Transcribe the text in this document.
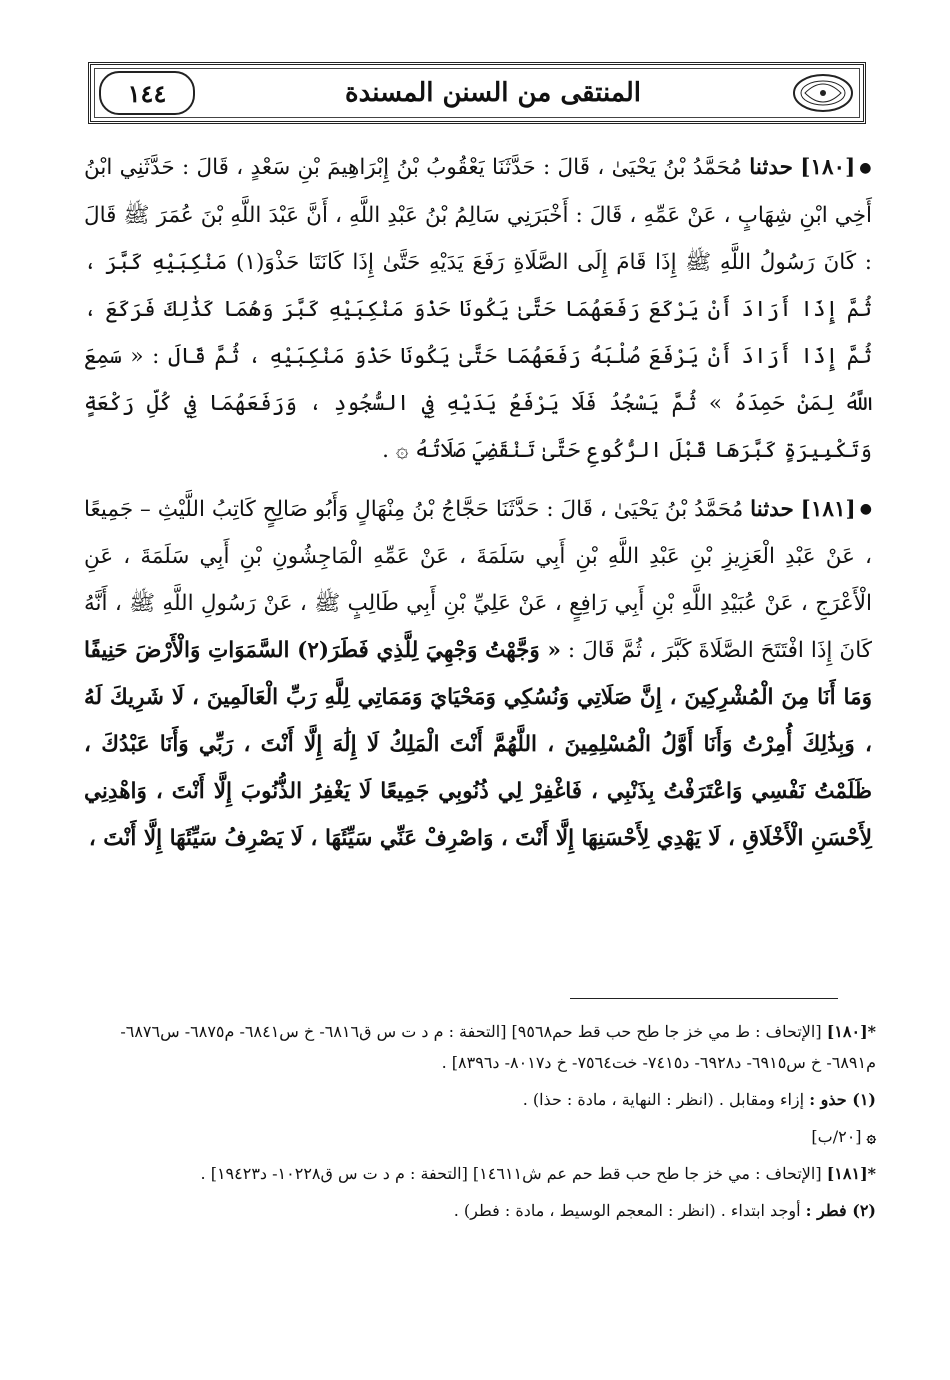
١٤٤	المنتقى من السنن المسندة

●[١٨٠] حدثنا مُحَمَّدُ بْنُ يَحْيَىٰ ، قَالَ : حَدَّثَنَا يَعْقُوبُ بْنُ إِبْرَاهِيمَ بْنِ سَعْدٍ ، قَالَ : حَدَّثَنِي ابْنُ أَخِي ابْنِ شِهَابٍ ، عَنْ عَمِّهِ ، قَالَ : أَخْبَرَنِي سَالِمُ بْنُ عَبْدِ اللَّهِ ، أَنَّ عَبْدَ اللَّهِ بْنَ عُمَرَ ﷺ قَالَ : كَانَ رَسُولُ اللَّهِ ﷺ إِذَا قَامَ إِلَى الصَّلَاةِ رَفَعَ يَدَيْهِ حَتَّىٰ إِذَا كَانَتَا حَذْوَ(١) مَنْكِبَيْهِ كَبَّرَ ، ثُمَّ إِذَا أَرَادَ أَنْ يَرْكَعَ رَفَعَهُمَا حَتَّىٰ يَكُونَا حَذْوَ مَنْكِبَيْهِ كَبَّرَ وَهُمَا كَذَٰلِكَ فَرَكَعَ ، ثُمَّ إِذَا أَرَادَ أَنْ يَرْفَعَ صُلْبَهُ رَفَعَهُمَا حَتَّىٰ يَكُونَا حَذْوَ مَنْكِبَيْهِ ، ثُمَّ قَالَ : « سَمِعَ اللَّهُ لِمَنْ حَمِدَهُ » ثُمَّ يَسْجُدُ فَلَا يَرْفَعُ يَدَيْهِ فِي السُّجُودِ ، وَرَفَعَهُمَا فِي كُلِّ رَكْعَةٍ وَتَكْبِيرَةٍ كَبَّرَهَا قَبْلَ الرُّكُوعِ حَتَّىٰ تَنْقَضِيَ صَلَاتُهُ ۞ .

●[١٨١] حدثنا مُحَمَّدُ بْنُ يَحْيَىٰ ، قَالَ : حَدَّثَنَا حَجَّاجُ بْنُ مِنْهَالٍ وَأَبُو صَالِحٍ كَاتِبُ اللَّيْثِ – جَمِيعًا ، عَنْ عَبْدِ الْعَزِيزِ بْنِ عَبْدِ اللَّهِ بْنِ أَبِي سَلَمَةَ ، عَنْ عَمِّهِ الْمَاجِشُونِ بْنِ أَبِي سَلَمَةَ ، عَنِ الْأَعْرَجِ ، عَنْ عُبَيْدِ اللَّهِ بْنِ أَبِي رَافِعٍ ، عَنْ عَلِيِّ بْنِ أَبِي طَالِبٍ ﷺ ، عَنْ رَسُولِ اللَّهِ ﷺ ، أَنَّهُ كَانَ إِذَا افْتَتَحَ الصَّلَاةَ كَبَّرَ ، ثُمَّ قَالَ : « وَجَّهْتُ وَجْهِيَ لِلَّذِي فَطَرَ(٢) السَّمَوَاتِ وَالْأَرْضَ حَنِيفًا وَمَا أَنَا مِنَ الْمُشْرِكِينَ ، إِنَّ صَلَاتِي وَنُسُكِي وَمَحْيَايَ وَمَمَاتِي لِلَّهِ رَبِّ الْعَالَمِينَ ، لَا شَرِيكَ لَهُ ، وَبِذَٰلِكَ أُمِرْتُ وَأَنَا أَوَّلُ الْمُسْلِمِينَ ، اللَّهُمَّ أَنْتَ الْمَلِكُ لَا إِلَٰهَ إِلَّا أَنْتَ ، رَبِّي وَأَنَا عَبْدُكَ ، ظَلَمْتُ نَفْسِي وَاعْتَرَفْتُ بِذَنْبِي ، فَاغْفِرْ لِي ذُنُوبِي جَمِيعًا لَا يَغْفِرُ الذُّنُوبَ إِلَّا أَنْتَ ، وَاهْدِنِي لِأَحْسَنِ الْأَخْلَاقِ ، لَا يَهْدِي لِأَحْسَنِهَا إِلَّا أَنْتَ ، وَاصْرِفْ عَنِّي سَيِّئَهَا ، لَا يَصْرِفُ سَيِّئَهَا إِلَّا أَنْتَ ،

*[١٨٠] [الإتحاف : ط مي خز جا طح حب قط حم٩٥٦٨] [التحفة : م د ت س ق٦٨١٦- خ س٦٨٤١- م٦٨٧٥- س٦٨٧٦- م٦٨٩١- خ س٦٩١٥- د٦٩٢٨- د٧٤١٥- خت٧٥٦٤- خ د٨٠١٧- د٨٣٩٦] .

(١) حذو : إزاء ومقابل . (انظر : النهاية ، مادة : حذا) .

۞ [٢٠/ب]

*[١٨١] [الإتحاف : مي خز جا طح حب قط حم عم ش١٤٦١١] [التحفة : م د ت س ق١٠٢٢٨- د١٩٤٢٣] .

(٢) فطر : أوجد ابتداء . (انظر : المعجم الوسيط ، مادة : فطر) .
